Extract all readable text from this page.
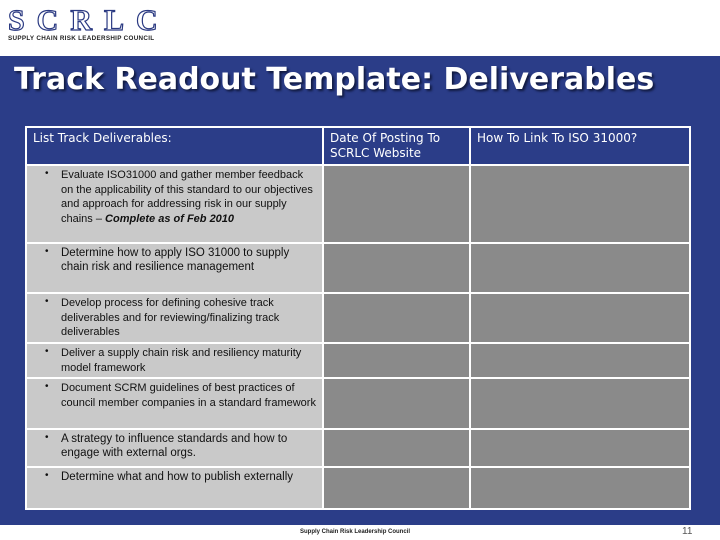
SCRLC
SUPPLY CHAIN RISK LEADERSHIP COUNCIL
Track Readout Template: Deliverables
List Track Deliverables:	Date Of Posting To SCRLC Website	How To Link To ISO 31000?

• Evaluate ISO31000 and gather member feedback on the applicability of this standard to our objectives and approach for addressing risk in our supply chains – Complete as of Feb 2010		

• Determine how to apply ISO 31000 to supply chain risk and resilience management		

• Develop process for defining cohesive track deliverables and for reviewing/finalizing track deliverables		

• Deliver a supply chain risk and resiliency maturity model framework		

• Document SCRM guidelines of best practices of council member companies in a standard framework		

• A strategy to influence standards and how to engage with external orgs.		

• Determine what and how to publish externally		

Supply Chain Risk Leadership Council	11
